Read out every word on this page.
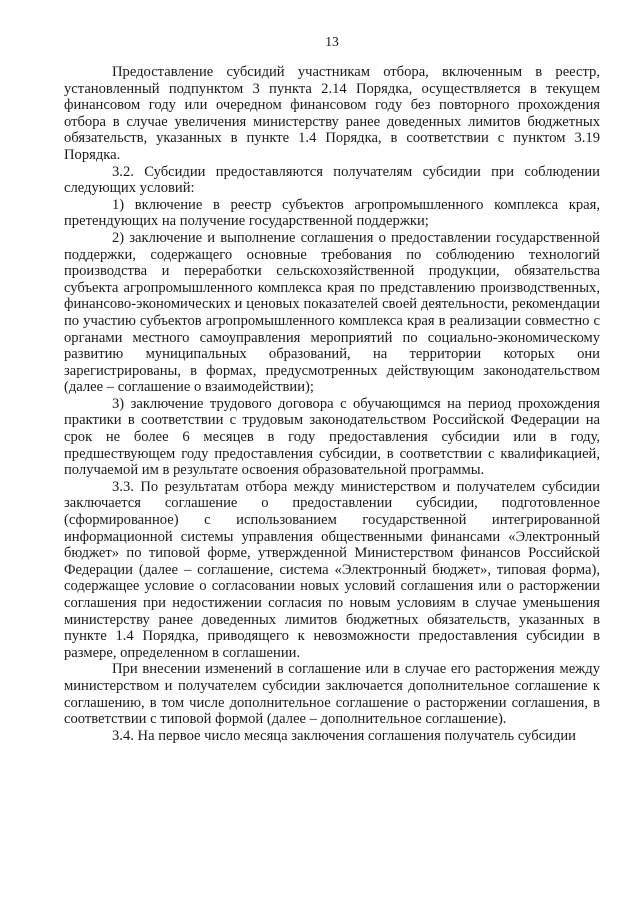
13

Предоставление субсидий участникам отбора, включенным в реестр, установленный подпунктом 3 пункта 2.14 Порядка, осуществляется в текущем финансовом году или очередном финансовом году без повторного прохождения отбора в случае увеличения министерству ранее доведенных лимитов бюджетных обязательств, указанных в пункте 1.4 Порядка, в соответствии с пунктом 3.19 Порядка.

3.2. Субсидии предоставляются получателям субсидии при соблюдении следующих условий:

1) включение в реестр субъектов агропромышленного комплекса края, претендующих на получение государственной поддержки;

2) заключение и выполнение соглашения о предоставлении государственной поддержки, содержащего основные требования по соблюдению технологий производства и переработки сельскохозяйственной продукции, обязательства субъекта агропромышленного комплекса края по представлению производственных, финансово-экономических и ценовых показателей своей деятельности, рекомендации по участию субъектов агропромышленного комплекса края в реализации совместно с органами местного самоуправления мероприятий по социально-экономическому развитию муниципальных образований, на территории которых они зарегистрированы, в формах, предусмотренных действующим законодательством (далее – соглашение о взаимодействии);

3) заключение трудового договора с обучающимся на период прохождения практики в соответствии с трудовым законодательством Российской Федерации на срок не более 6 месяцев в году предоставления субсидии или в году, предшествующем году предоставления субсидии, в соответствии с квалификацией, получаемой им в результате освоения образовательной программы.

3.3. По результатам отбора между министерством и получателем субсидии заключается соглашение о предоставлении субсидии, подготовленное (сформированное) с использованием государственной интегрированной информационной системы управления общественными финансами «Электронный бюджет» по типовой форме, утвержденной Министерством финансов Российской Федерации (далее – соглашение, система «Электронный бюджет», типовая форма), содержащее условие о согласовании новых условий соглашения или о расторжении соглашения при недостижении согласия по новым условиям в случае уменьшения министерству ранее доведенных лимитов бюджетных обязательств, указанных в пункте 1.4 Порядка, приводящего к невозможности предоставления субсидии в размере, определенном в соглашении.

При внесении изменений в соглашение или в случае его расторжения между министерством и получателем субсидии заключается дополнительное соглашение к соглашению, в том числе дополнительное соглашение о расторжении соглашения, в соответствии с типовой формой (далее – дополнительное соглашение).

3.4. На первое число месяца заключения соглашения получатель субсидии
